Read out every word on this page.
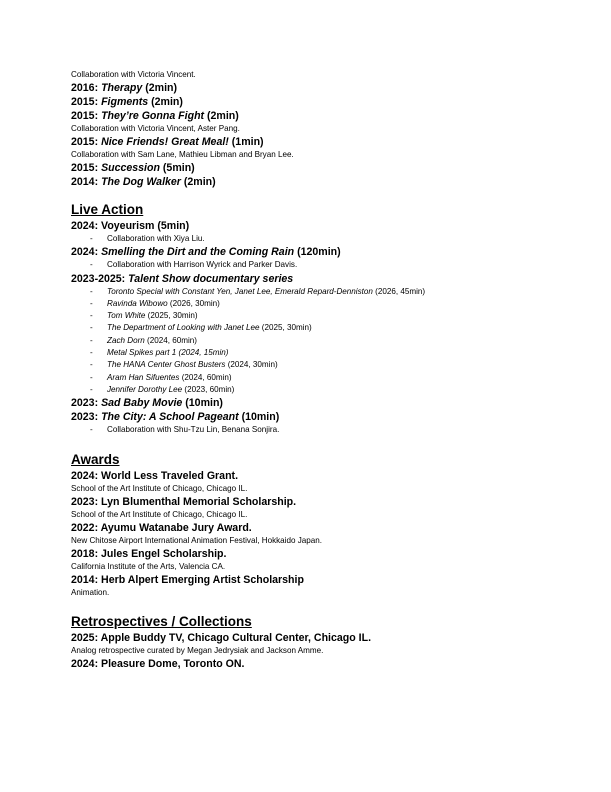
Collaboration with Victoria Vincent.
2016: Therapy (2min)
2015: Figments (2min)
2015: They’re Gonna Fight (2min)
Collaboration with Victoria Vincent, Aster Pang.
2015: Nice Friends! Great Meal! (1min)
Collaboration with Sam Lane, Mathieu Libman and Bryan Lee.
2015: Succession (5min)
2014: The Dog Walker (2min)
Live Action
2024: Voyeurism (5min)
- Collaboration with Xiya Liu.
2024: Smelling the Dirt and the Coming Rain (120min)
- Collaboration with Harrison Wyrick and Parker Davis.
2023-2025: Talent Show documentary series
- Toronto Special with Constant Yen, Janet Lee, Emerald Repard-Denniston (2026, 45min)
- Ravinda Wibowo (2026, 30min)
- Tom White (2025, 30min)
- The Department of Looking with Janet Lee (2025, 30min)
- Zach Dorn (2024, 60min)
- Metal Spikes part 1 (2024, 15min)
- The HANA Center Ghost Busters (2024, 30min)
- Aram Han Sifuentes (2024, 60min)
- Jennifer Dorothy Lee (2023, 60min)
2023: Sad Baby Movie (10min)
2023: The City: A School Pageant (10min)
- Collaboration with Shu-Tzu Lin, Benana Sonjira.
Awards
2024: World Less Traveled Grant.
School of the Art Institute of Chicago, Chicago IL.
2023: Lyn Blumenthal Memorial Scholarship.
School of the Art Institute of Chicago, Chicago IL.
2022: Ayumu Watanabe Jury Award.
New Chitose Airport International Animation Festival, Hokkaido Japan.
2018: Jules Engel Scholarship.
California Institute of the Arts, Valencia CA.
2014: Herb Alpert Emerging Artist Scholarship
Animation.
Retrospectives / Collections
2025: Apple Buddy TV, Chicago Cultural Center, Chicago IL.
Analog retrospective curated by Megan Jedrysiak and Jackson Amme.
2024: Pleasure Dome, Toronto ON.
